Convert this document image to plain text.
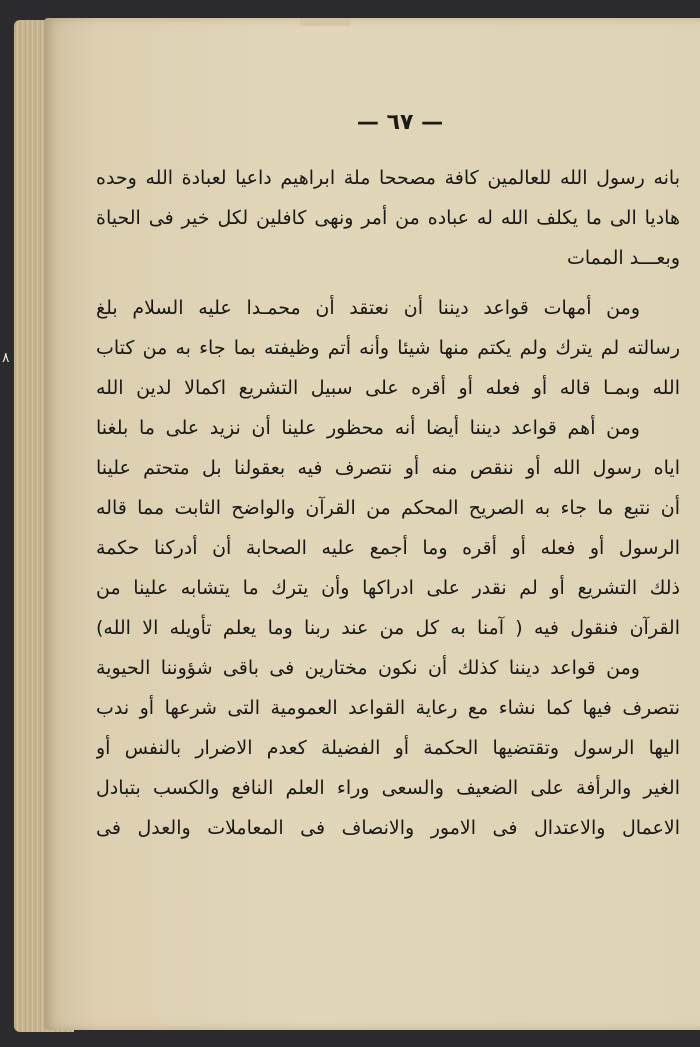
٨
— ٦٧ —
بانه رسول الله للعالمين كافة مصححا ملة ابراهيم داعيا لعبادة الله وحده
هاديا الى ما يكلف الله له عباده من أمر ونهى كافلين لكل خير فى الحياة
وبعـــد الممات
ومن أمهات قواعد ديننا أن نعتقد أن محمـدا عليه السلام بلغ
رسالته لم يترك ولم يكتم منها شيئا وأنه أتم وظيفته بما جاء به من كتاب
الله وبمـا قاله أو فعله أو أقره على سبيل التشريع اكمالا لدين الله
ومن أهم قواعد ديننا أيضا أنه محظور علينا أن نزيد على ما بلغنا
اياه رسول الله أو ننقص منه أو نتصرف فيه بعقولنا بل متحتم علينا
أن نتبع ما جاء به الصريح المحكم من القرآن والواضح الثابت مما قاله
الرسول أو فعله أو أقره وما أجمع عليه الصحابة أن أدركنا حكمة
ذلك التشريع أو لم نقدر على ادراكها وأن يترك ما يتشابه علينا من
القرآن فنقول فيه ( آمنا به كل من عند ربنا وما يعلم تأويله الا الله)
ومن قواعد ديننا كذلك أن نكون مختارين فى باقى شؤوننا الحيوية
نتصرف فيها كما نشاء مع رعاية القواعد العمومية التى شرعها أو ندب
اليها الرسول وتقتضيها الحكمة أو الفضيلة كعدم الاضرار بالنفس أو
الغير والرأفة على الضعيف والسعى وراء العلم النافع والكسب بتبادل
الاعمال والاعتدال فى الامور والانصاف فى المعاملات والعدل فى
